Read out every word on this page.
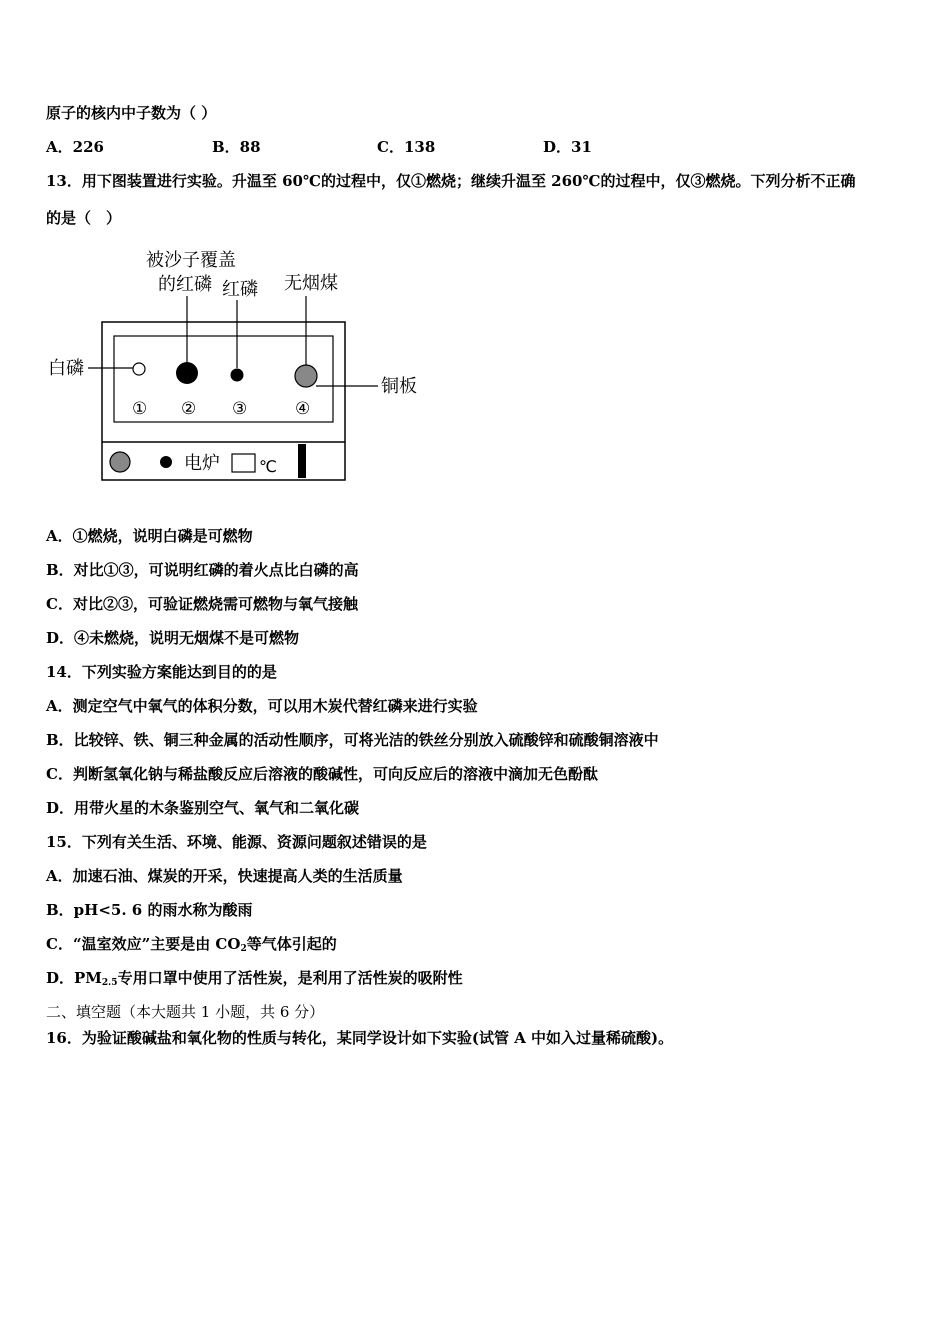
原子的核内中子数为（ ）
A．226	B．88	C．138	D．31
13．用下图装置进行实验。升温至 60℃的过程中，仅①燃烧；继续升温至 260℃的过程中，仅③燃烧。下列分析不正确
的是（　）
被沙子覆盖
的红磷 红磷 无烟煤
白磷
铜板
① ② ③	④
电炉 ℃
A．①燃烧，说明白磷是可燃物
B．对比①③，可说明红磷的着火点比白磷的高
C．对比②③，可验证燃烧需可燃物与氧气接触
D．④未燃烧，说明无烟煤不是可燃物
14．下列实验方案能达到目的的是
A．测定空气中氧气的体积分数，可以用木炭代替红磷来进行实验
B．比较锌、铁、铜三种金属的活动性顺序，可将光洁的铁丝分别放入硫酸锌和硫酸铜溶液中
C．判断氢氧化钠与稀盐酸反应后溶液的酸碱性，可向反应后的溶液中滴加无色酚酞
D．用带火星的木条鉴别空气、氧气和二氧化碳
15．下列有关生活、环境、能源、资源问题叙述错误的是
A．加速石油、煤炭的开采，快速提高人类的生活质量
B．pH<5. 6 的雨水称为酸雨
C．“温室效应”主要是由 $CO_2$等气体引起的
D．$PM_{2.5}$专用口罩中使用了活性炭，是利用了活性炭的吸附性
二、填空题（本大题共 1 小题，共 6 分）
16．为验证酸碱盐和氧化物的性质与转化，某同学设计如下实验(试管 A 中如入过量稀硫酸)。
